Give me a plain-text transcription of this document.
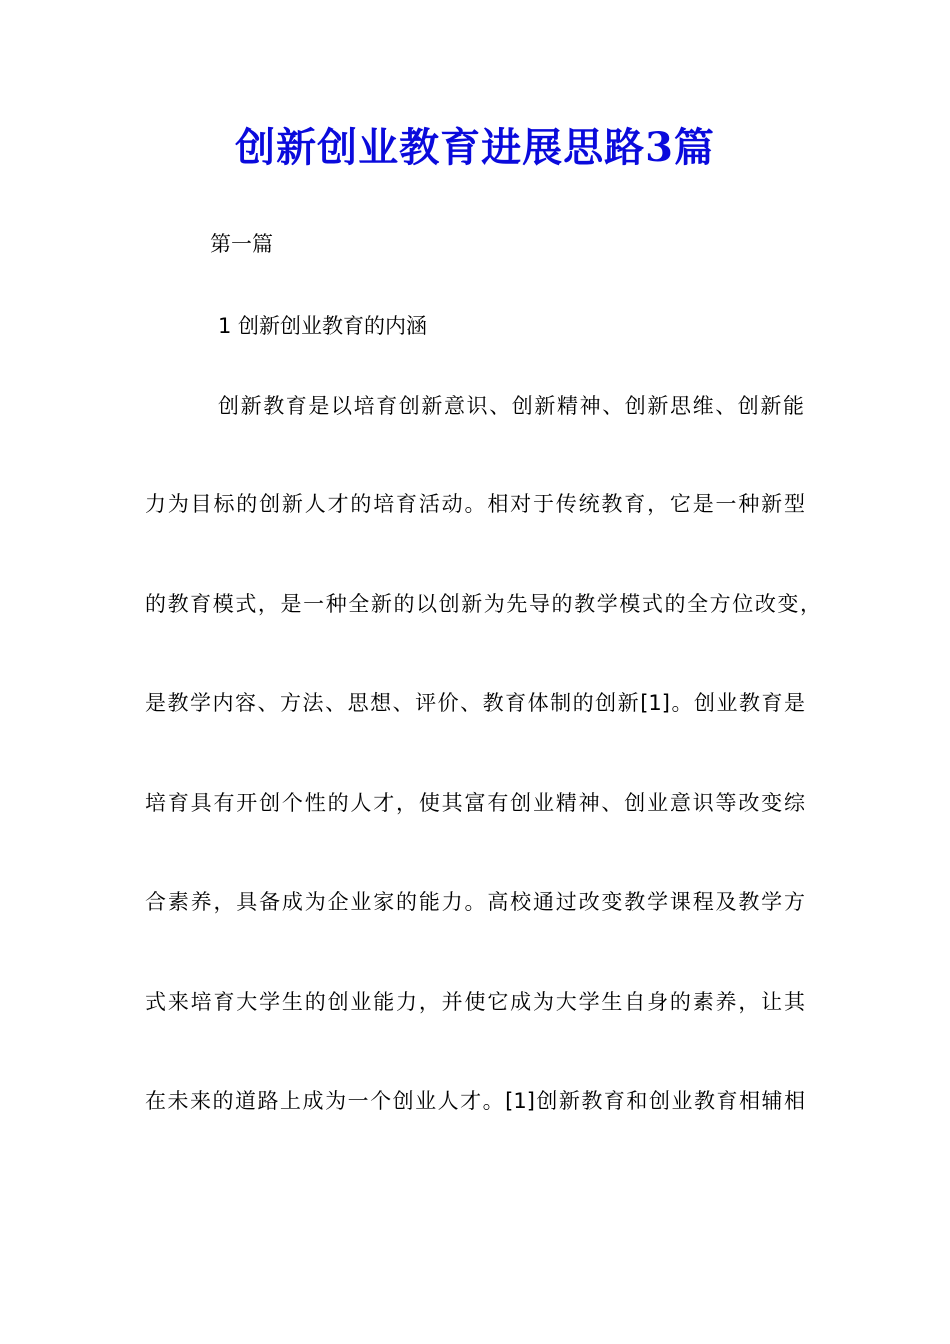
创新创业教育进展思路3篇

第一篇

1 创新创业教育的内涵

创新教育是以培育创新意识、创新精神、创新思维、创新能

力为目标的创新人才的培育活动。相对于传统教育，它是一种新型

的教育模式，是一种全新的以创新为先导的教学模式的全方位改变，

是教学内容、方法、思想、评价、教育体制的创新[1]。创业教育是

培育具有开创个性的人才，使其富有创业精神、创业意识等改变综

合素养，具备成为企业家的能力。高校通过改变教学课程及教学方

式来培育大学生的创业能力，并使它成为大学生自身的素养，让其

在未来的道路上成为一个创业人才。[1]创新教育和创业教育相辅相
